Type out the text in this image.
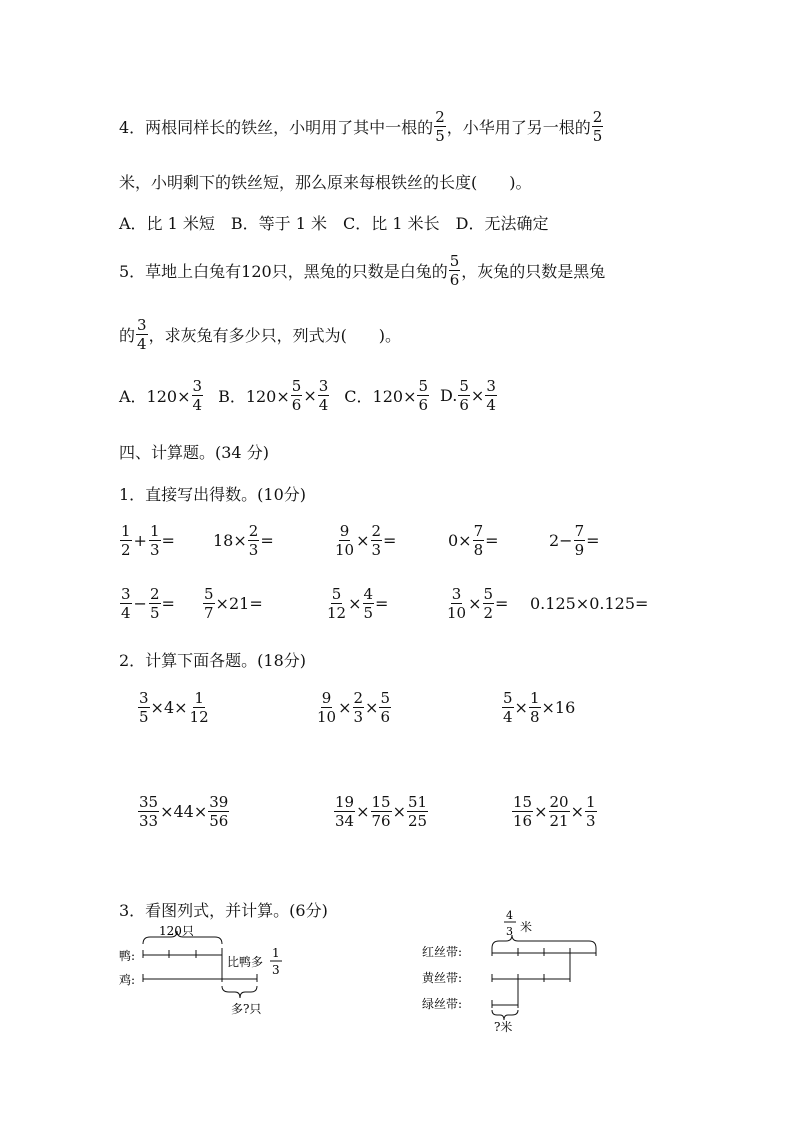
4．两根同样长的铁丝，小明用了其中一根的 $\frac{2}{5}$ ，小华用了另一根的 $\frac{2}{5}$
米，小明剩下的铁丝短，那么原来每根铁丝的长度(　　)。
A．比 1 米短　B．等于 1 米　C．比 1 米长　D．无法确定
5．草地上白兔有120只，黑兔的只数是白兔的 $\frac{5}{6}$ ，灰兔的只数是黑兔
的 $\frac{3}{4}$ ，求灰兔有多少只，列式为(　　)。
A．$120\times \frac{3}{4}$ B．$120\times \frac{5}{6} \times \frac{3}{4}$ C．$120\times \frac{5}{6} D$. $\frac{5}{6} \times \frac{3}{4}$
四、计算题。(34 分)
1．直接写出得数。(10分)
$\frac{1}{2} + \frac{1}{3} = 18\times \frac{2}{3}$ =	$\frac{9}{10} \times \frac{2}{3}$ =	$0\times \frac{7}{8}$ =	$2- \frac{7}{9}$ =
$\frac{3}{4} - \frac{2}{5} = \frac{5}{7} \times 21=$	$\frac{5}{12} \times \frac{4}{5}$ =	$\frac{3}{10} \times \frac{5}{2} = 0.125\times 0.125=$
2．计算下面各题。(18分)
$\frac{3}{5} \times 4\times \frac{1}{12}$	$\frac{9}{10} \times \frac{2}{3} \times \frac{5}{6}$	$\frac{5}{4} \times \frac{1}{8} \times 16$
$\frac{35}{33} \times 44\times \frac{39}{56}$	$\frac{19}{34} \times \frac{15}{76} \times \frac{51}{25}$	$\frac{15}{16} \times \frac{20}{21} \times \frac{1}{3}$
3．看图列式，并计算。(6分)
120只
鸭:
鸡:
比鸭多
1
3
多?只
4
3 米
红丝带:
黄丝带:
绿丝带:
?米
